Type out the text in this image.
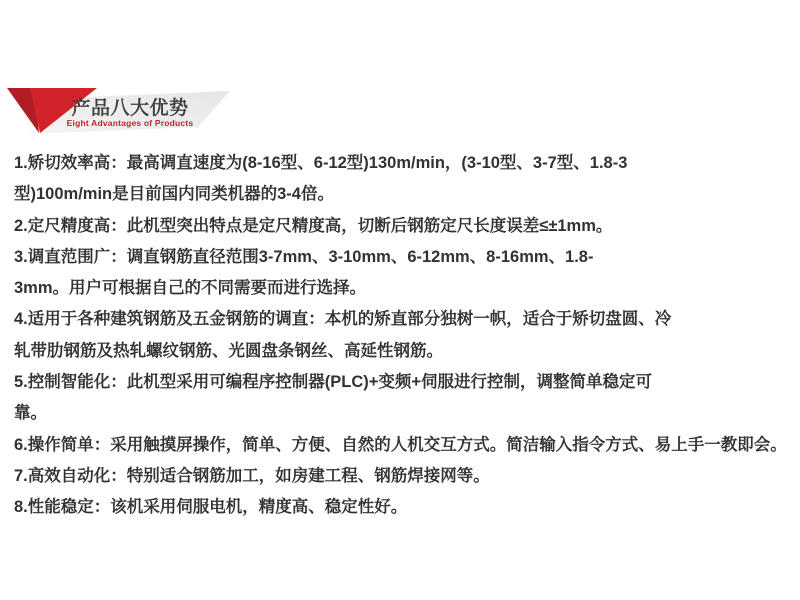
产品八大优势
Eight Advantages of Products
1.矫切效率高：最高调直速度为(8-16型、6-12型)130m/min，(3-10型、3-7型、1.8-3
型)100m/min是目前国内同类机器的3-4倍。
2.定尺精度高：此机型突出特点是定尺精度高，切断后钢筋定尺长度误差≤±1mm。
3.调直范围广：调直钢筋直径范围3-7mm、3-10mm、6-12mm、8-16mm、1.8-
3mm。用户可根据自己的不同需要而进行选择。
4.适用于各种建筑钢筋及五金钢筋的调直：本机的矫直部分独树一帜，适合于矫切盘圆、冷
轧带肋钢筋及热轧螺纹钢筋、光圆盘条钢丝、高延性钢筋。
5.控制智能化：此机型采用可编程序控制器(PLC)+变频+伺服进行控制，调整简单稳定可
靠。
6.操作简单：采用触摸屏操作，简单、方便、自然的人机交互方式。简洁输入指令方式、易上手一教即会。
7.高效自动化：特别适合钢筋加工，如房建工程、钢筋焊接网等。
8.性能稳定：该机采用伺服电机，精度高、稳定性好。
